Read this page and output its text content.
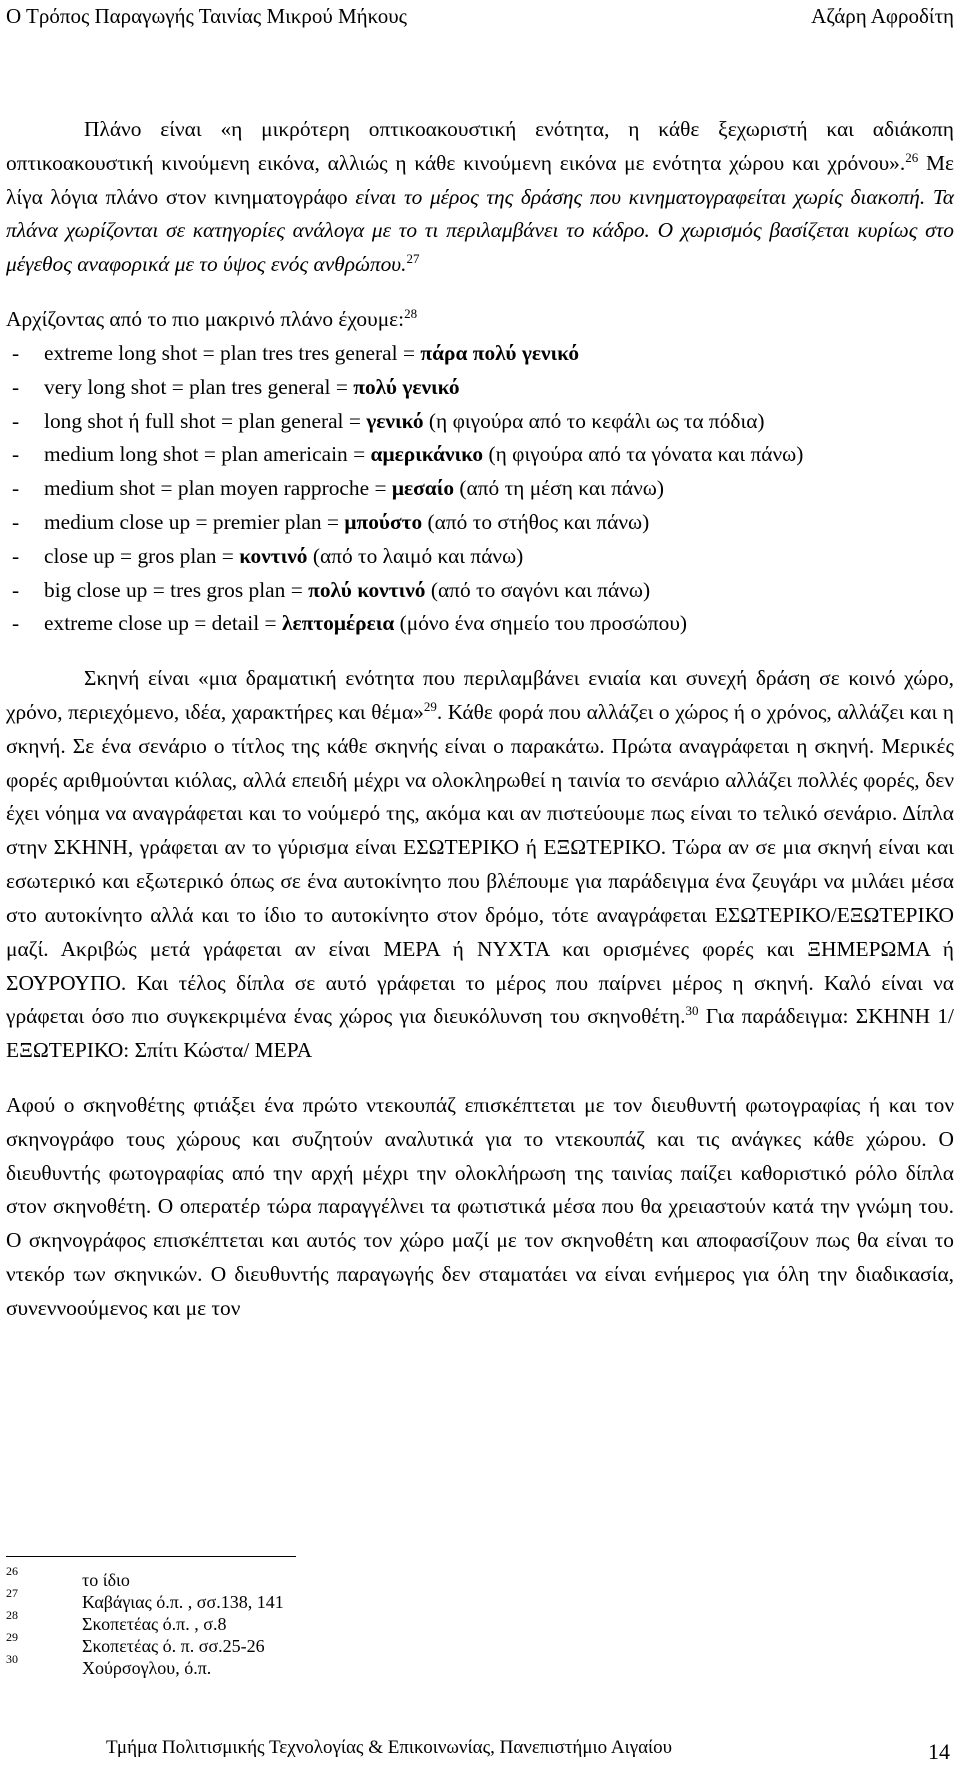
Ο Τρόπος Παραγωγής Ταινίας Μικρού Μήκους	Αζάρη Αφροδίτη

Πλάνο είναι «η μικρότερη οπτικοακουστική ενότητα, η κάθε ξεχωριστή και αδιάκοπη οπτικοακουστική κινούμενη εικόνα, αλλιώς η κάθε κινούμενη εικόνα με ενότητα χώρου και χρόνου».$^{26}$ Με λίγα λόγια πλάνο στον κινηματογράφο είναι το μέρος της δράσης που κινηματογραφείται χωρίς διακοπή. Τα πλάνα χωρίζονται σε κατηγορίες ανάλογα με το τι περιλαμβάνει το κάδρο. Ο χωρισμός βασίζεται κυρίως στο μέγεθος αναφορικά με το ύψος ενός ανθρώπου.$^{27}$

Αρχίζοντας από το πιο μακρινό πλάνο έχουμε:$^{28}$

- extreme long shot = plan tres tres general = πάρα πολύ γενικό
- very long shot = plan tres general = πολύ γενικό
- long shot ή full shot = plan general = γενικό (η φιγούρα από το κεφάλι ως τα πόδια)
- medium long shot = plan americain = αμερικάνικο (η φιγούρα από τα γόνατα και πάνω)
- medium shot = plan moyen rapproche = μεσαίο (από τη μέση και πάνω)
- medium close up = premier plan = μπούστο (από το στήθος και πάνω)
- close up = gros plan = κοντινό (από το λαιμό και πάνω)
- big close up = tres gros plan = πολύ κοντινό (από το σαγόνι και πάνω)
- extreme close up = detail = λεπτομέρεια (μόνο ένα σημείο του προσώπου)

Σκηνή είναι «μια δραματική ενότητα που περιλαμβάνει ενιαία και συνεχή δράση σε κοινό χώρο, χρόνο, περιεχόμενο, ιδέα, χαρακτήρες και θέμα»$^{29}$. Κάθε φορά που αλλάζει ο χώρος ή ο χρόνος, αλλάζει και η σκηνή. Σε ένα σενάριο ο τίτλος της κάθε σκηνής είναι ο παρακάτω. Πρώτα αναγράφεται η σκηνή. Μερικές φορές αριθμούνται κιόλας, αλλά επειδή μέχρι να ολοκληρωθεί η ταινία το σενάριο αλλάζει πολλές φορές, δεν έχει νόημα να αναγράφεται και το νούμερό της, ακόμα και αν πιστεύουμε πως είναι το τελικό σενάριο. Δίπλα στην ΣΚΗΝΗ, γράφεται αν το γύρισμα είναι ΕΣΩΤΕΡΙΚΟ ή ΕΞΩΤΕΡΙΚΟ. Τώρα αν σε μια σκηνή είναι και εσωτερικό και εξωτερικό όπως σε ένα αυτοκίνητο που βλέπουμε για παράδειγμα ένα ζευγάρι να μιλάει μέσα στο αυτοκίνητο αλλά και το ίδιο το αυτοκίνητο στον δρόμο, τότε αναγράφεται ΕΣΩΤΕΡΙΚΟ/ΕΞΩΤΕΡΙΚΟ μαζί. Ακριβώς μετά γράφεται αν είναι ΜΕΡΑ ή ΝΥΧΤΑ και ορισμένες φορές και ΞΗΜΕΡΩΜΑ ή ΣΟΥΡΟΥΠΟ. Και τέλος δίπλα σε αυτό γράφεται το μέρος που παίρνει μέρος η σκηνή. Καλό είναι να γράφεται όσο πιο συγκεκριμένα ένας χώρος για διευκόλυνση του σκηνοθέτη.$^{30}$ Για παράδειγμα: ΣΚΗΝΗ 1/ ΕΞΩΤΕΡΙΚΟ: Σπίτι Κώστα/ ΜΕΡΑ

Αφού ο σκηνοθέτης φτιάξει ένα πρώτο ντεκουπάζ επισκέπτεται με τον διευθυντή φωτογραφίας ή και τον σκηνογράφο τους χώρους και συζητούν αναλυτικά για το ντεκουπάζ και τις ανάγκες κάθε χώρου. Ο διευθυντής φωτογραφίας από την αρχή μέχρι την ολοκλήρωση της ταινίας παίζει καθοριστικό ρόλο δίπλα στον σκηνοθέτη. Ο οπερατέρ τώρα παραγγέλνει τα φωτιστικά μέσα που θα χρειαστούν κατά την γνώμη του. Ο σκηνογράφος επισκέπτεται και αυτός τον χώρο μαζί με τον σκηνοθέτη και αποφασίζουν πως θα είναι το ντεκόρ των σκηνικών. Ο διευθυντής παραγωγής δεν σταματάει να είναι ενήμερος για όλη την διαδικασία, συνεννοούμενος και με τον

26	το ίδιο
27	Καβάγιας ό.π. , σσ.138, 141
28	Σκοπετέας ό.π. , σ.8
29	Σκοπετέας ό. π. σσ.25-26
30	Χούρσογλου, ό.π.
Τμήμα Πολιτισμικής Τεχνολογίας & Επικοινωνίας, Πανεπιστήμιο Αιγαίου	14
